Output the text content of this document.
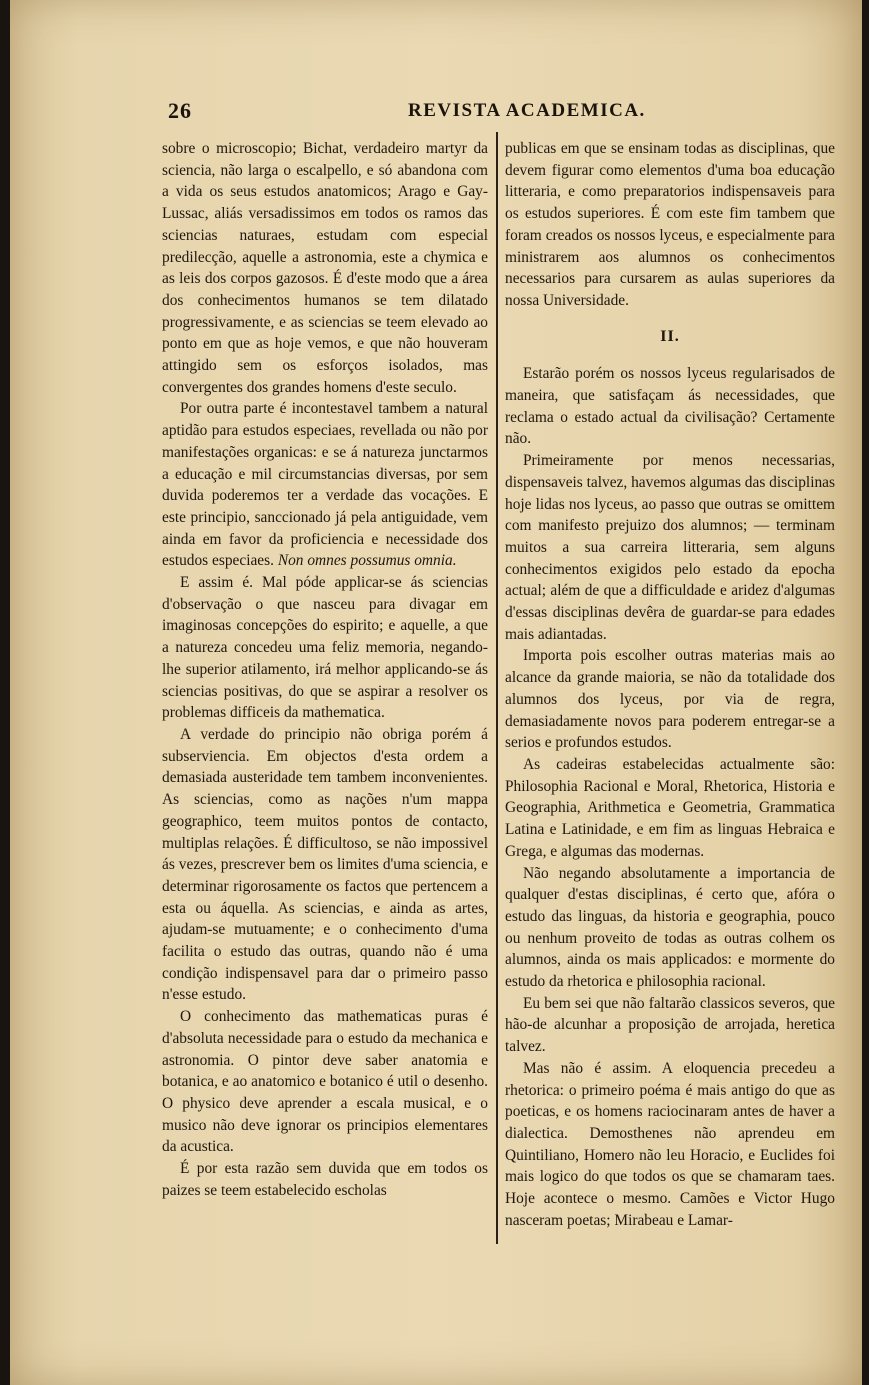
26	REVISTA ACADEMICA.

sobre o microscopio; Bichat, verdadeiro martyr da sciencia, não larga o escalpello, e só abandona com a vida os seus estudos anatomicos; Arago e Gay-Lussac, aliás versadissimos em todos os ramos das sciencias naturaes, estudam com especial predilecção, aquelle a astronomia, este a chymica e as leis dos corpos gazosos. É d'este modo que a área dos conhecimentos humanos se tem dilatado progressivamente, e as sciencias se teem elevado ao ponto em que as hoje vemos, e que não houveram attingido sem os esforços isolados, mas convergentes dos grandes homens d'este seculo.

Por outra parte é incontestavel tambem a natural aptidão para estudos especiaes, revellada ou não por manifestações organicas: e se á natureza junctarmos a educação e mil circumstancias diversas, por sem duvida poderemos ter a verdade das vocações. E este principio, sanccionado já pela antiguidade, vem ainda em favor da proficiencia e necessidade dos estudos especiaes. Non omnes possumus omnia.

E assim é. Mal póde applicar-se ás sciencias d'observação o que nasceu para divagar em imaginosas concepções do espirito; e aquelle, a que a natureza concedeu uma feliz memoria, negando-lhe superior atilamento, irá melhor applicando-se ás sciencias positivas, do que se aspirar a resolver os problemas difficeis da mathematica.

A verdade do principio não obriga porém á subserviencia. Em objectos d'esta ordem a demasiada austeridade tem tambem inconvenientes. As sciencias, como as nações n'um mappa geographico, teem muitos pontos de contacto, multiplas relações. É difficultoso, se não impossivel ás vezes, prescrever bem os limites d'uma sciencia, e determinar rigorosamente os factos que pertencem a esta ou áquella. As sciencias, e ainda as artes, ajudam-se mutuamente; e o conhecimento d'uma facilita o estudo das outras, quando não é uma condição indispensavel para dar o primeiro passo n'esse estudo.

O conhecimento das mathematicas puras é d'absoluta necessidade para o estudo da mechanica e astronomia. O pintor deve saber anatomia e botanica, e ao anatomico e botanico é util o desenho. O physico deve aprender a escala musical, e o musico não deve ignorar os principios elementares da acustica.

É por esta razão sem duvida que em todos os paizes se teem estabelecido escholas

publicas em que se ensinam todas as disciplinas, que devem figurar como elementos d'uma boa educação litteraria, e como preparatorios indispensaveis para os estudos superiores. É com este fim tambem que foram creados os nossos lyceus, e especialmente para ministrarem aos alumnos os conhecimentos necessarios para cursarem as aulas superiores da nossa Universidade.

II.

Estarão porém os nossos lyceus regularisados de maneira, que satisfaçam ás necessidades, que reclama o estado actual da civilisação? Certamente não.

Primeiramente por menos necessarias, dispensaveis talvez, havemos algumas das disciplinas hoje lidas nos lyceus, ao passo que outras se omittem com manifesto prejuizo dos alumnos; — terminam muitos a sua carreira litteraria, sem alguns conhecimentos exigidos pelo estado da epocha actual; além de que a difficuldade e aridez d'algumas d'essas disciplinas devêra de guardar-se para edades mais adiantadas.

Importa pois escolher outras materias mais ao alcance da grande maioria, se não da totalidade dos alumnos dos lyceus, por via de regra, demasiadamente novos para poderem entregar-se a serios e profundos estudos.

As cadeiras estabelecidas actualmente são: Philosophia Racional e Moral, Rhetorica, Historia e Geographia, Arithmetica e Geometria, Grammatica Latina e Latinidade, e em fim as linguas Hebraica e Grega, e algumas das modernas.

Não negando absolutamente a importancia de qualquer d'estas disciplinas, é certo que, afóra o estudo das linguas, da historia e geographia, pouco ou nenhum proveito de todas as outras colhem os alumnos, ainda os mais applicados: e mormente do estudo da rhetorica e philosophia racional.

Eu bem sei que não faltarão classicos severos, que hão-de alcunhar a proposição de arrojada, heretica talvez.

Mas não é assim. A eloquencia precedeu a rhetorica: o primeiro poéma é mais antigo do que as poeticas, e os homens raciocinaram antes de haver a dialectica. Demosthenes não aprendeu em Quintiliano, Homero não leu Horacio, e Euclides foi mais logico do que todos os que se chamaram taes. Hoje acontece o mesmo. Camões e Victor Hugo nasceram poetas; Mirabeau e Lamar-
